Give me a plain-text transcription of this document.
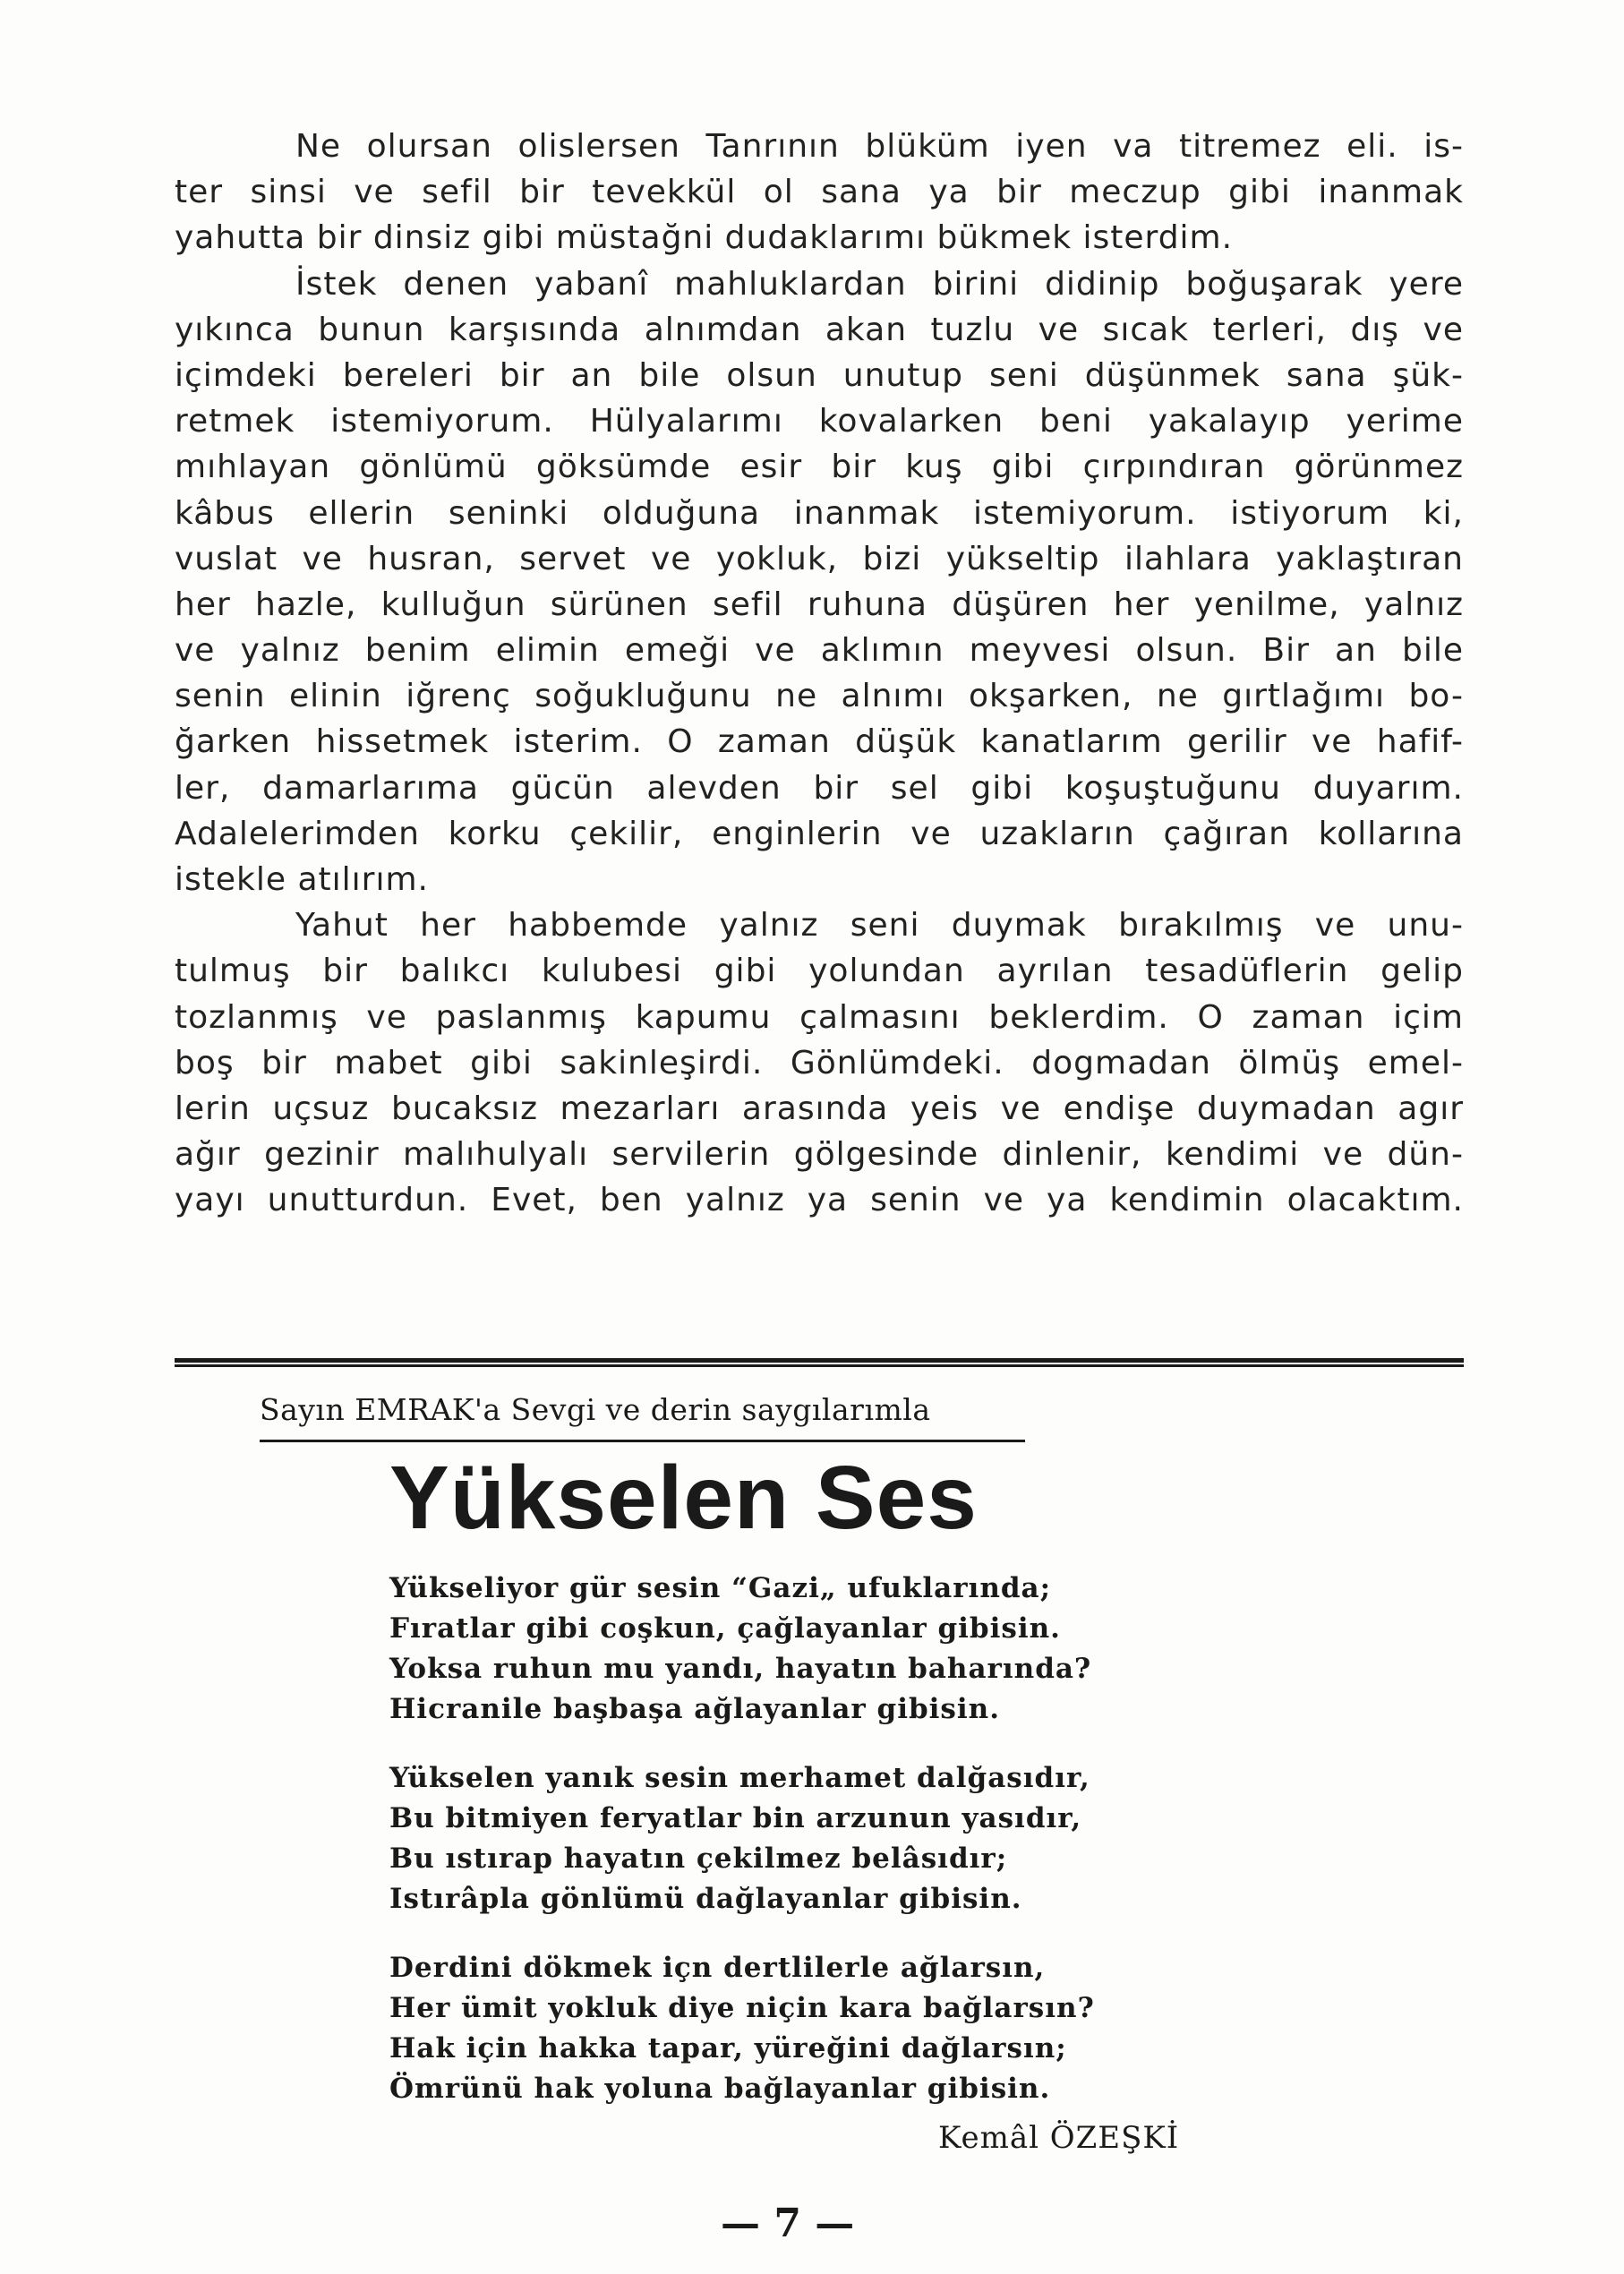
Ne olursan olislersen Tanrının blüküm iyen va titremez eli. is-
ter sinsi ve sefil bir tevekkül ol sana ya bir meczup gibi inanmak
yahutta bir dinsiz gibi müstağni dudaklarımı bükmek isterdim.
İstek denen yabanî mahluklardan birini didinip boğuşarak yere
yıkınca bunun karşısında alnımdan akan tuzlu ve sıcak terleri, dış ve
içimdeki bereleri bir an bile olsun unutup seni düşünmek sana şük-
retmek istemiyorum. Hülyalarımı kovalarken beni yakalayıp yerime
mıhlayan gönlümü göksümde esir bir kuş gibi çırpındıran görünmez
kâbus ellerin seninki olduğuna inanmak istemiyorum. istiyorum ki,
vuslat ve husran, servet ve yokluk, bizi yükseltip ilahlara yaklaştıran
her hazle, kulluğun sürünen sefil ruhuna düşüren her yenilme, yalnız
ve yalnız benim elimin emeği ve aklımın meyvesi olsun. Bir an bile
senin elinin iğrenç soğukluğunu ne alnımı okşarken, ne gırtlağımı bo-
ğarken hissetmek isterim. O zaman düşük kanatlarım gerilir ve hafif-
ler, damarlarıma gücün alevden bir sel gibi koşuştuğunu duyarım.
Adalelerimden korku çekilir, enginlerin ve uzakların çağıran kollarına
istekle atılırım.
Yahut her habbemde yalnız seni duymak bırakılmış ve unu-
tulmuş bir balıkcı kulubesi gibi yolundan ayrılan tesadüflerin gelip
tozlanmış ve paslanmış kapumu çalmasını beklerdim. O zaman içim
boş bir mabet gibi sakinleşirdi. Gönlümdeki. dogmadan ölmüş emel-
lerin uçsuz bucaksız mezarları arasında yeis ve endişe duymadan agır
ağır gezinir malıhulyalı servilerin gölgesinde dinlenir, kendimi ve dün-
yayı unutturdun. Evet, ben yalnız ya senin ve ya kendimin olacaktım.
Sayın EMRAK'a Sevgi ve derin saygılarımla
Yükselen Ses
Yükseliyor gür sesin “Gazi„ ufuklarında;
Fıratlar gibi coşkun, çağlayanlar gibisin.
Yoksa ruhun mu yandı, hayatın baharında?
Hicranile başbaşa ağlayanlar gibisin.
Yükselen yanık sesin merhamet dalğasıdır,
Bu bitmiyen feryatlar bin arzunun yasıdır,
Bu ıstırap hayatın çekilmez belâsıdır;
Istırâpla gönlümü dağlayanlar gibisin.
Derdini dökmek içn dertlilerle ağlarsın,
Her ümit yokluk diye niçin kara bağlarsın?
Hak için hakka tapar, yüreğini dağlarsın;
Ömrünü hak yoluna bağlayanlar gibisin.
Kemâl ÖZEŞKİ
— 7 —
